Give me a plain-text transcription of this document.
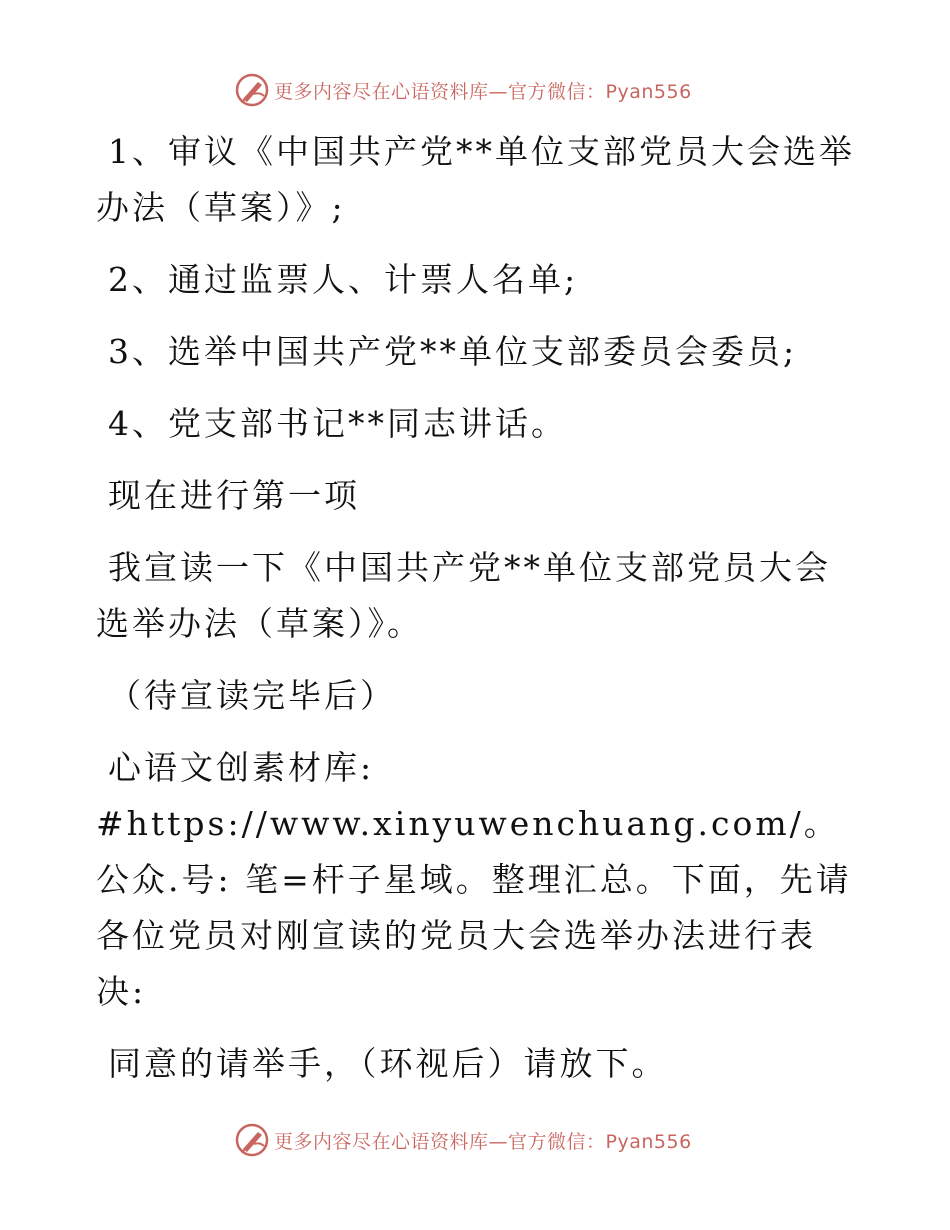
更多内容尽在心语资料库—官方微信：Pyan556

1、审议《中国共产党**单位支部党员大会选举办法（草案）》;

2、通过监票人、计票人名单;

3、选举中国共产党**单位支部委员会委员;

4、党支部书记**同志讲话。

现在进行第一项

我宣读一下《中国共产党**单位支部党员大会选举办法（草案）》。

（待宣读完毕后）

心语文创素材库: #https://www.xinyuwenchuang.com/。公众.号: 笔=杆子星域。整理汇总。下面，先请各位党员对刚宣读的党员大会选举办法进行表决:

同意的请举手，（环视后）请放下。

更多内容尽在心语资料库—官方微信：Pyan556
